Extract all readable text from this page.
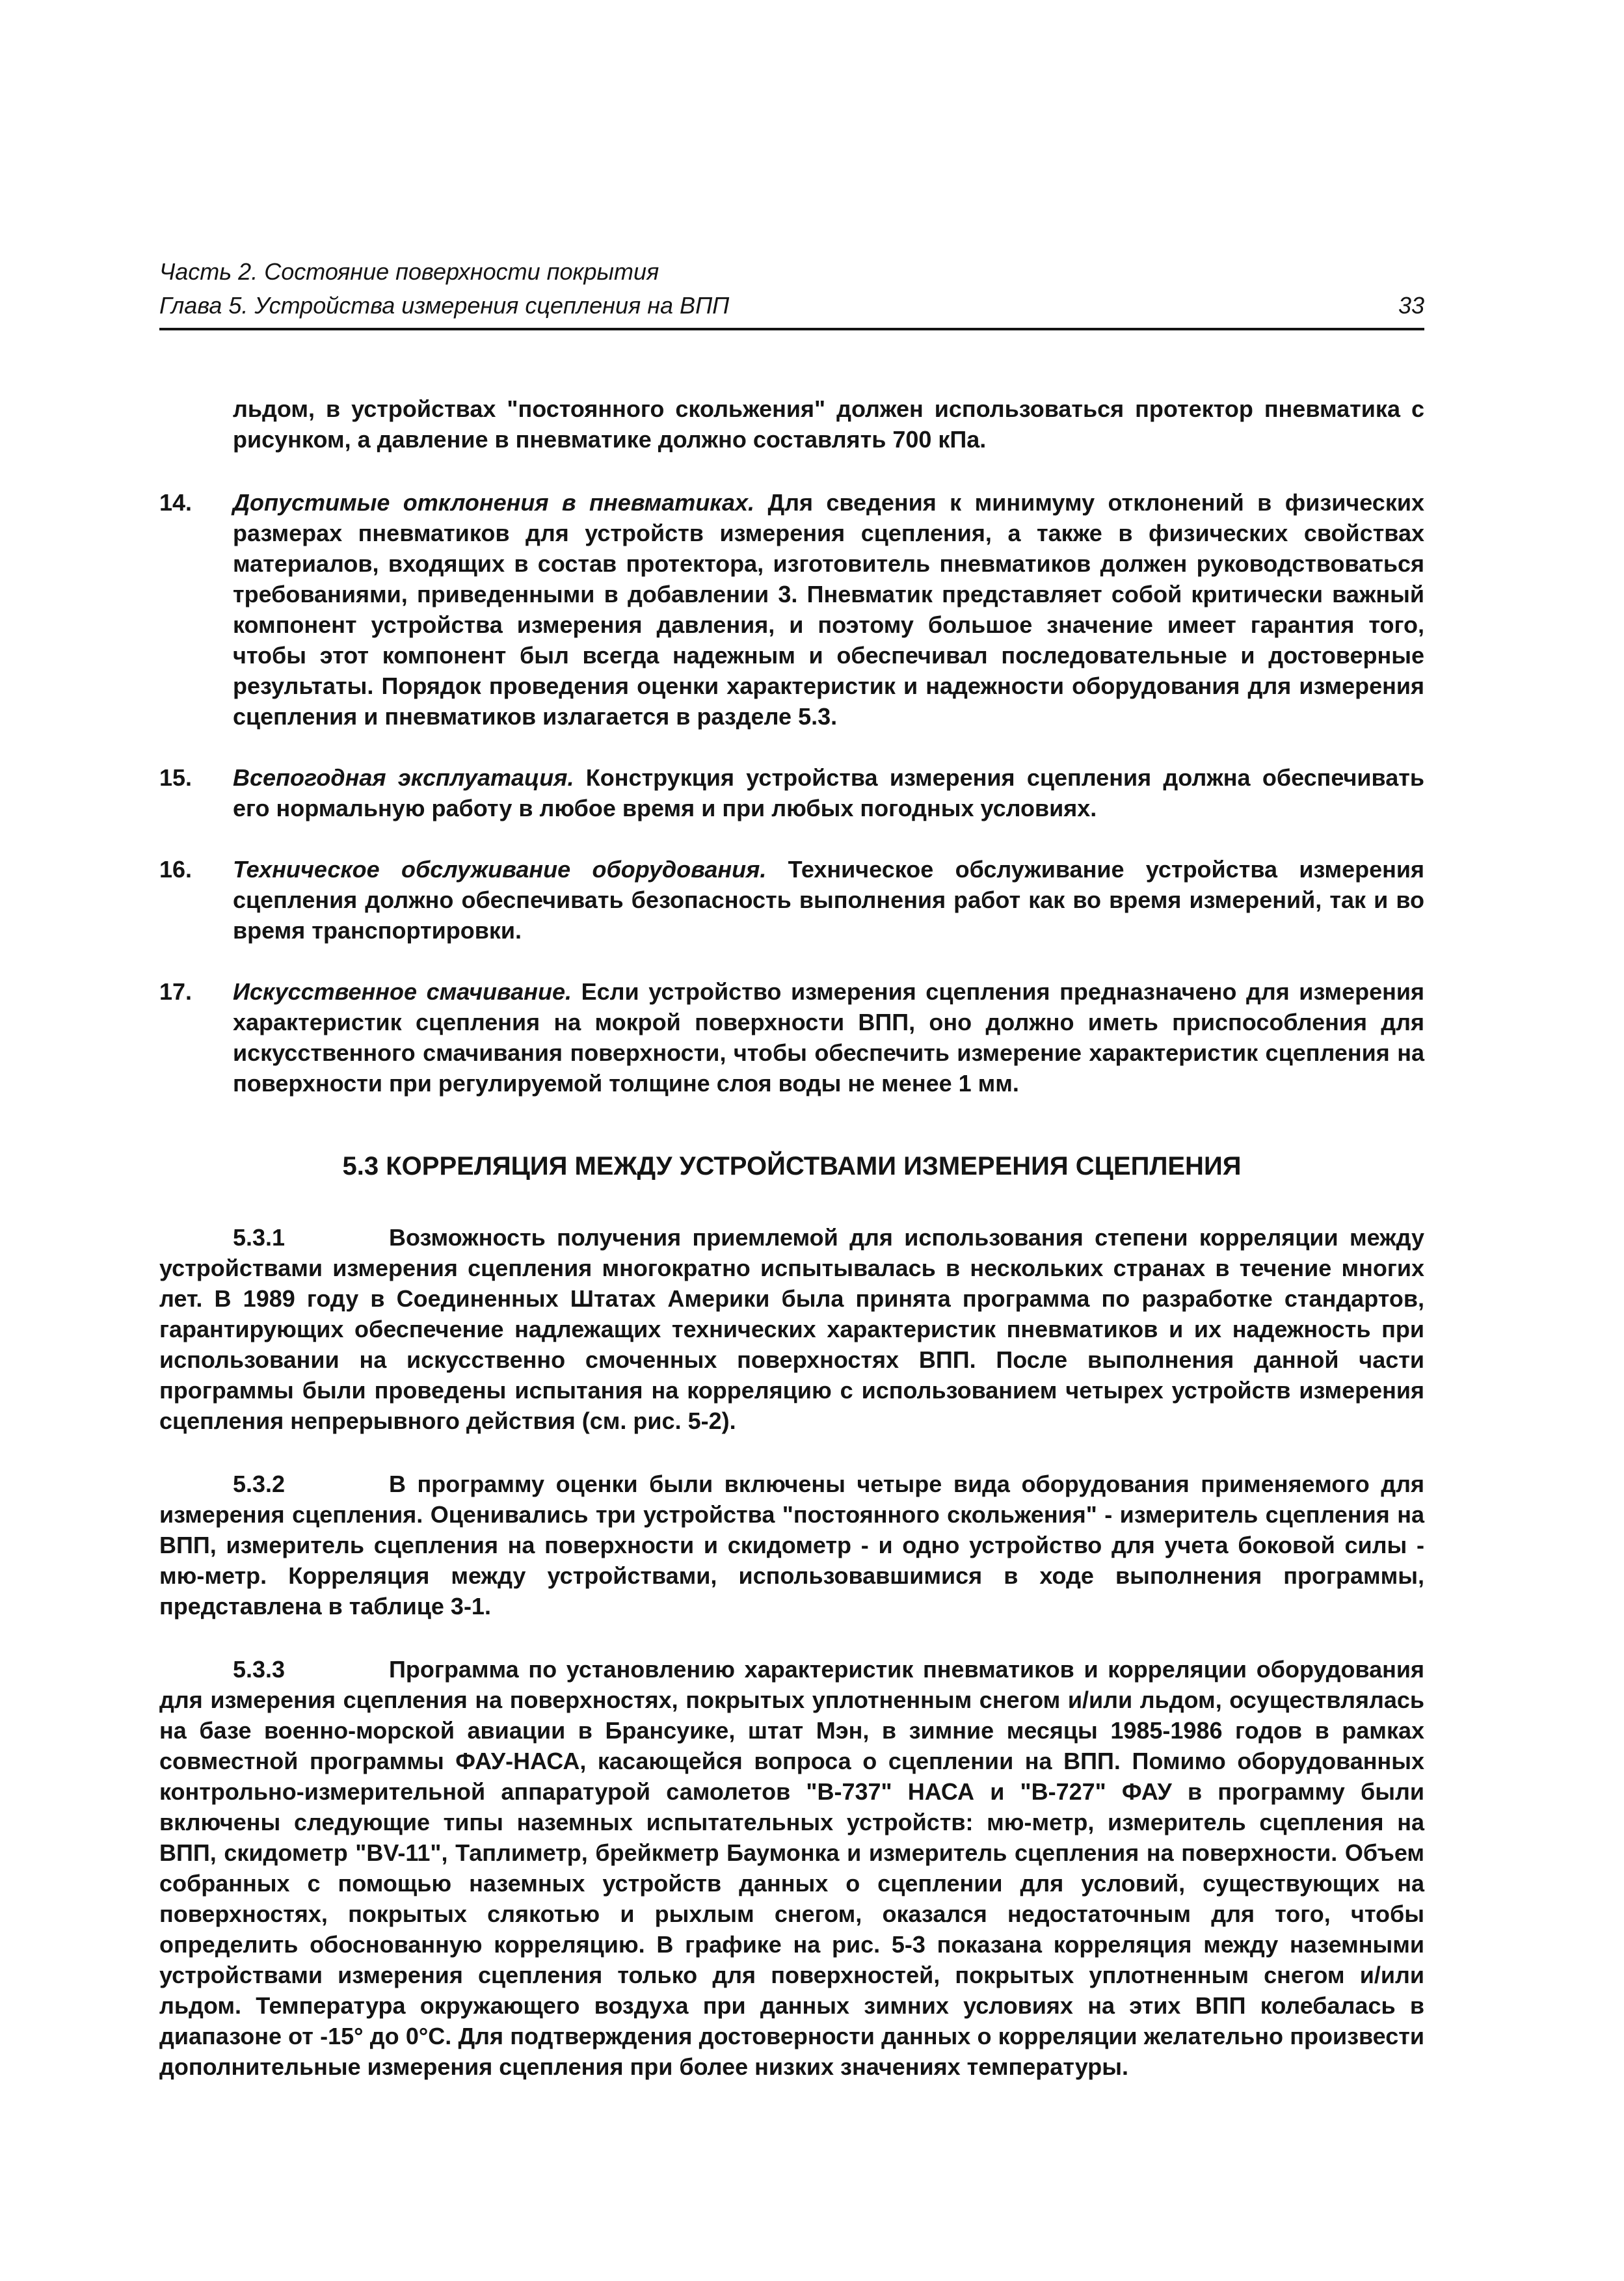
Часть 2. Состояние поверхности покрытия
Глава 5. Устройства измерения сцепления на ВПП	33

льдом, в устройствах "постоянного скольжения" должен использоваться протектор пневматика с рисунком, а давление в пневматике должно составлять 700 кПа.

14.	Допустимые отклонения в пневматиках. Для сведения к минимуму отклонений в физических размерах пневматиков для устройств измерения сцепления, а также в физических свойствах материалов, входящих в состав протектора, изготовитель пневматиков должен руководствоваться требованиями, приведенными в добавлении 3. Пневматик представляет собой критически важный компонент устройства измерения давления, и поэтому большое значение имеет гарантия того, чтобы этот компонент был всегда надежным и обеспечивал последовательные и достоверные результаты. Порядок проведения оценки характеристик и надежности оборудования для измерения сцепления и пневматиков излагается в разделе 5.3.

15.	Всепогодная эксплуатация. Конструкция устройства измерения сцепления должна обеспечивать его нормальную работу в любое время и при любых погодных условиях.

16.	Техническое обслуживание оборудования. Техническое обслуживание устройства измерения сцепления должно обеспечивать безопасность выполнения работ как во время измерений, так и во время транспортировки.

17.	Искусственное смачивание. Если устройство измерения сцепления предназначено для измерения характеристик сцепления на мокрой поверхности ВПП, оно должно иметь приспособления для искусственного смачивания поверхности, чтобы обеспечить измерение характеристик сцепления на поверхности при регулируемой толщине слоя воды не менее 1 мм.

5.3 КОРРЕЛЯЦИЯ МЕЖДУ УСТРОЙСТВАМИ ИЗМЕРЕНИЯ СЦЕПЛЕНИЯ

5.3.1	Возможность получения приемлемой для использования степени корреляции между устройствами измерения сцепления многократно испытывалась в нескольких странах в течение многих лет. В 1989 году в Соединенных Штатах Америки была принята программа по разработке стандартов, гарантирующих обеспечение надлежащих технических характеристик пневматиков и их надежность при использовании на искусственно смоченных поверхностях ВПП. После выполнения данной части программы были проведены испытания на корреляцию с использованием четырех устройств измерения сцепления непрерывного действия (см. рис. 5-2).

5.3.2	В программу оценки были включены четыре вида оборудования применяемого для измерения сцепления. Оценивались три устройства "постоянного скольжения" - измеритель сцепления на ВПП, измеритель сцепления на поверхности и скидометр - и одно устройство для учета боковой силы - мю-метр. Корреляция между устройствами, использовавшимися в ходе выполнения программы, представлена в таблице 3-1.

5.3.3	Программа по установлению характеристик пневматиков и корреляции оборудования для измерения сцепления на поверхностях, покрытых уплотненным снегом и/или льдом, осуществлялась на базе военно-морской авиации в Брансуике, штат Мэн, в зимние месяцы 1985-1986 годов в рамках совместной программы ФАУ-НАСА, касающейся вопроса о сцеплении на ВПП. Помимо оборудованных контрольно-измерительной аппаратурой самолетов "В-737" НАСА и "В-727" ФАУ в программу были включены следующие типы наземных испытательных устройств: мю-метр, измеритель сцепления на ВПП, скидометр "BV-11", Таплиметр, брейкметр Баумонка и измеритель сцепления на поверхности. Объем собранных с помощью наземных устройств данных о сцеплении для условий, существующих на поверхностях, покрытых слякотью и рыхлым снегом, оказался недостаточным для того, чтобы определить обоснованную корреляцию. В графике на рис. 5-3 показана корреляция между наземными устройствами измерения сцепления только для поверхностей, покрытых уплотненным снегом и/или льдом. Температура окружающего воздуха при данных зимних условиях на этих ВПП колебалась в диапазоне от -15° до 0°С. Для подтверждения достоверности данных о корреляции желательно произвести дополнительные измерения сцепления при более низких значениях температуры.
